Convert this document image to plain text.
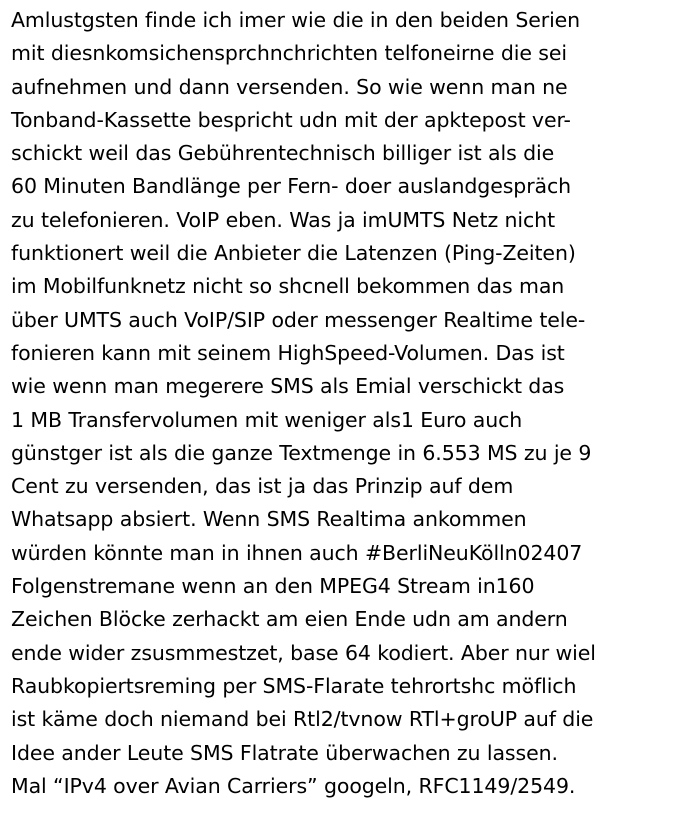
Amlustgsten finde ich imer wie die in den beiden Serien
mit diesnkomsichensprchnchrichten telfoneirne die sei
aufnehmen und dann versenden. So wie wenn man ne
Tonband-Kassette bespricht udn mit der apktepost ver-
schickt weil das Gebührentechnisch billiger ist als die
60 Minuten Bandlänge per Fern- doer auslandgespräch
zu telefonieren. VoIP eben. Was ja imUMTS Netz nicht
funktionert weil die Anbieter die Latenzen (Ping-Zeiten)
im Mobilfunknetz nicht so shcnell bekommen das man
über UMTS auch VoIP/SIP oder messenger Realtime tele-
fonieren kann mit seinem HighSpeed-Volumen. Das ist
wie wenn man megerere SMS als Emial verschickt das
1 MB Transfervolumen mit weniger als1 Euro auch
günstger ist als die ganze Textmenge in 6.553 MS zu je 9
Cent zu versenden, das ist ja das Prinzip auf dem
Whatsapp absiert. Wenn SMS Realtima ankommen
würden könnte man in ihnen auch #BerliNeuKölln02407
Folgenstremane wenn an den MPEG4 Stream in160
Zeichen Blöcke zerhackt am eien Ende udn am andern
ende wider zsusmmestzet, base 64 kodiert. Aber nur wiel
Raubkopiertsreming per SMS-Flarate tehrortshc möflich
ist käme doch niemand bei Rtl2/tvnow RTl+groUP auf die
Idee ander Leute SMS Flatrate überwachen zu lassen.
Mal “IPv4 over Avian Carriers” googeln, RFC1149/2549.
